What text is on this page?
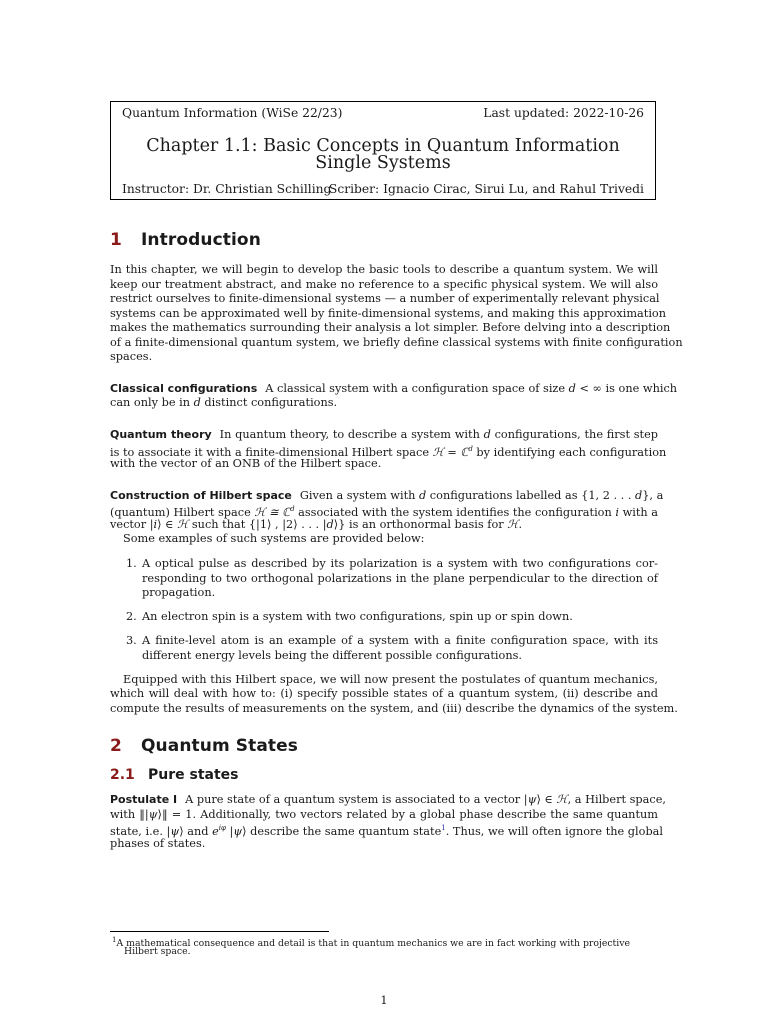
Quantum Information (WiSe 22/23)	Last updated: 2022-10-26
Chapter 1.1: Basic Concepts in Quantum Information
Single Systems
Instructor: Dr. Christian Schilling
Scriber: Ignacio Cirac, Sirui Lu, and Rahul Trivedi
1 Introduction
In this chapter, we will begin to develop the basic tools to describe a quantum system. We will
keep our treatment abstract, and make no reference to a specific physical system. We will also
restrict ourselves to finite-dimensional systems — a number of experimentally relevant physical
systems can be approximated well by finite-dimensional systems, and making this approximation
makes the mathematics surrounding their analysis a lot simpler. Before delving into a description
of a finite-dimensional quantum system, we briefly define classical systems with finite configuration
spaces.
Classical configurations A classical system with a configuration space of size d < ∞ is one which
can only be in d distinct configurations.
Quantum theory In quantum theory, to describe a system with d configurations, the first step
is to associate it with a finite-dimensional Hilbert space ℋ = ℂ$^d$ by identifying each configuration
with the vector of an ONB of the Hilbert space.
Construction of Hilbert space Given a system with d configurations labelled as {1, 2 . . . d}, a
(quantum) Hilbert space ℋ ≅ ℂ$^d$ associated with the system identifies the configuration i with a
vector |i⟩ ∈ ℋ such that {|1⟩ , |2⟩ . . . |d⟩} is an orthonormal basis for ℋ.
Some examples of such systems are provided below:
1. A optical pulse as described by its polarization is a system with two configurations cor-
responding to two orthogonal polarizations in the plane perpendicular to the direction of
propagation.
2. An electron spin is a system with two configurations, spin up or spin down.
3. A finite-level atom is an example of a system with a finite configuration space, with its
different energy levels being the different possible configurations.
Equipped with this Hilbert space, we will now present the postulates of quantum mechanics,
which will deal with how to: (i) specify possible states of a quantum system, (ii) describe and
compute the results of measurements on the system, and (iii) describe the dynamics of the system.
2 Quantum States
2.1 Pure states
Postulate I A pure state of a quantum system is associated to a vector |ψ⟩ ∈ ℋ, a Hilbert space,
with ‖|ψ⟩‖ = 1. Additionally, two vectors related by a global phase describe the same quantum
state, i.e. |ψ⟩ and $e^{i\varphi}$ |ψ⟩ describe the same quantum state$^1$. Thus, we will often ignore the global
phases of states.
$^1$A mathematical consequence and detail is that in quantum mechanics we are in fact working with projective
Hilbert space.
1
